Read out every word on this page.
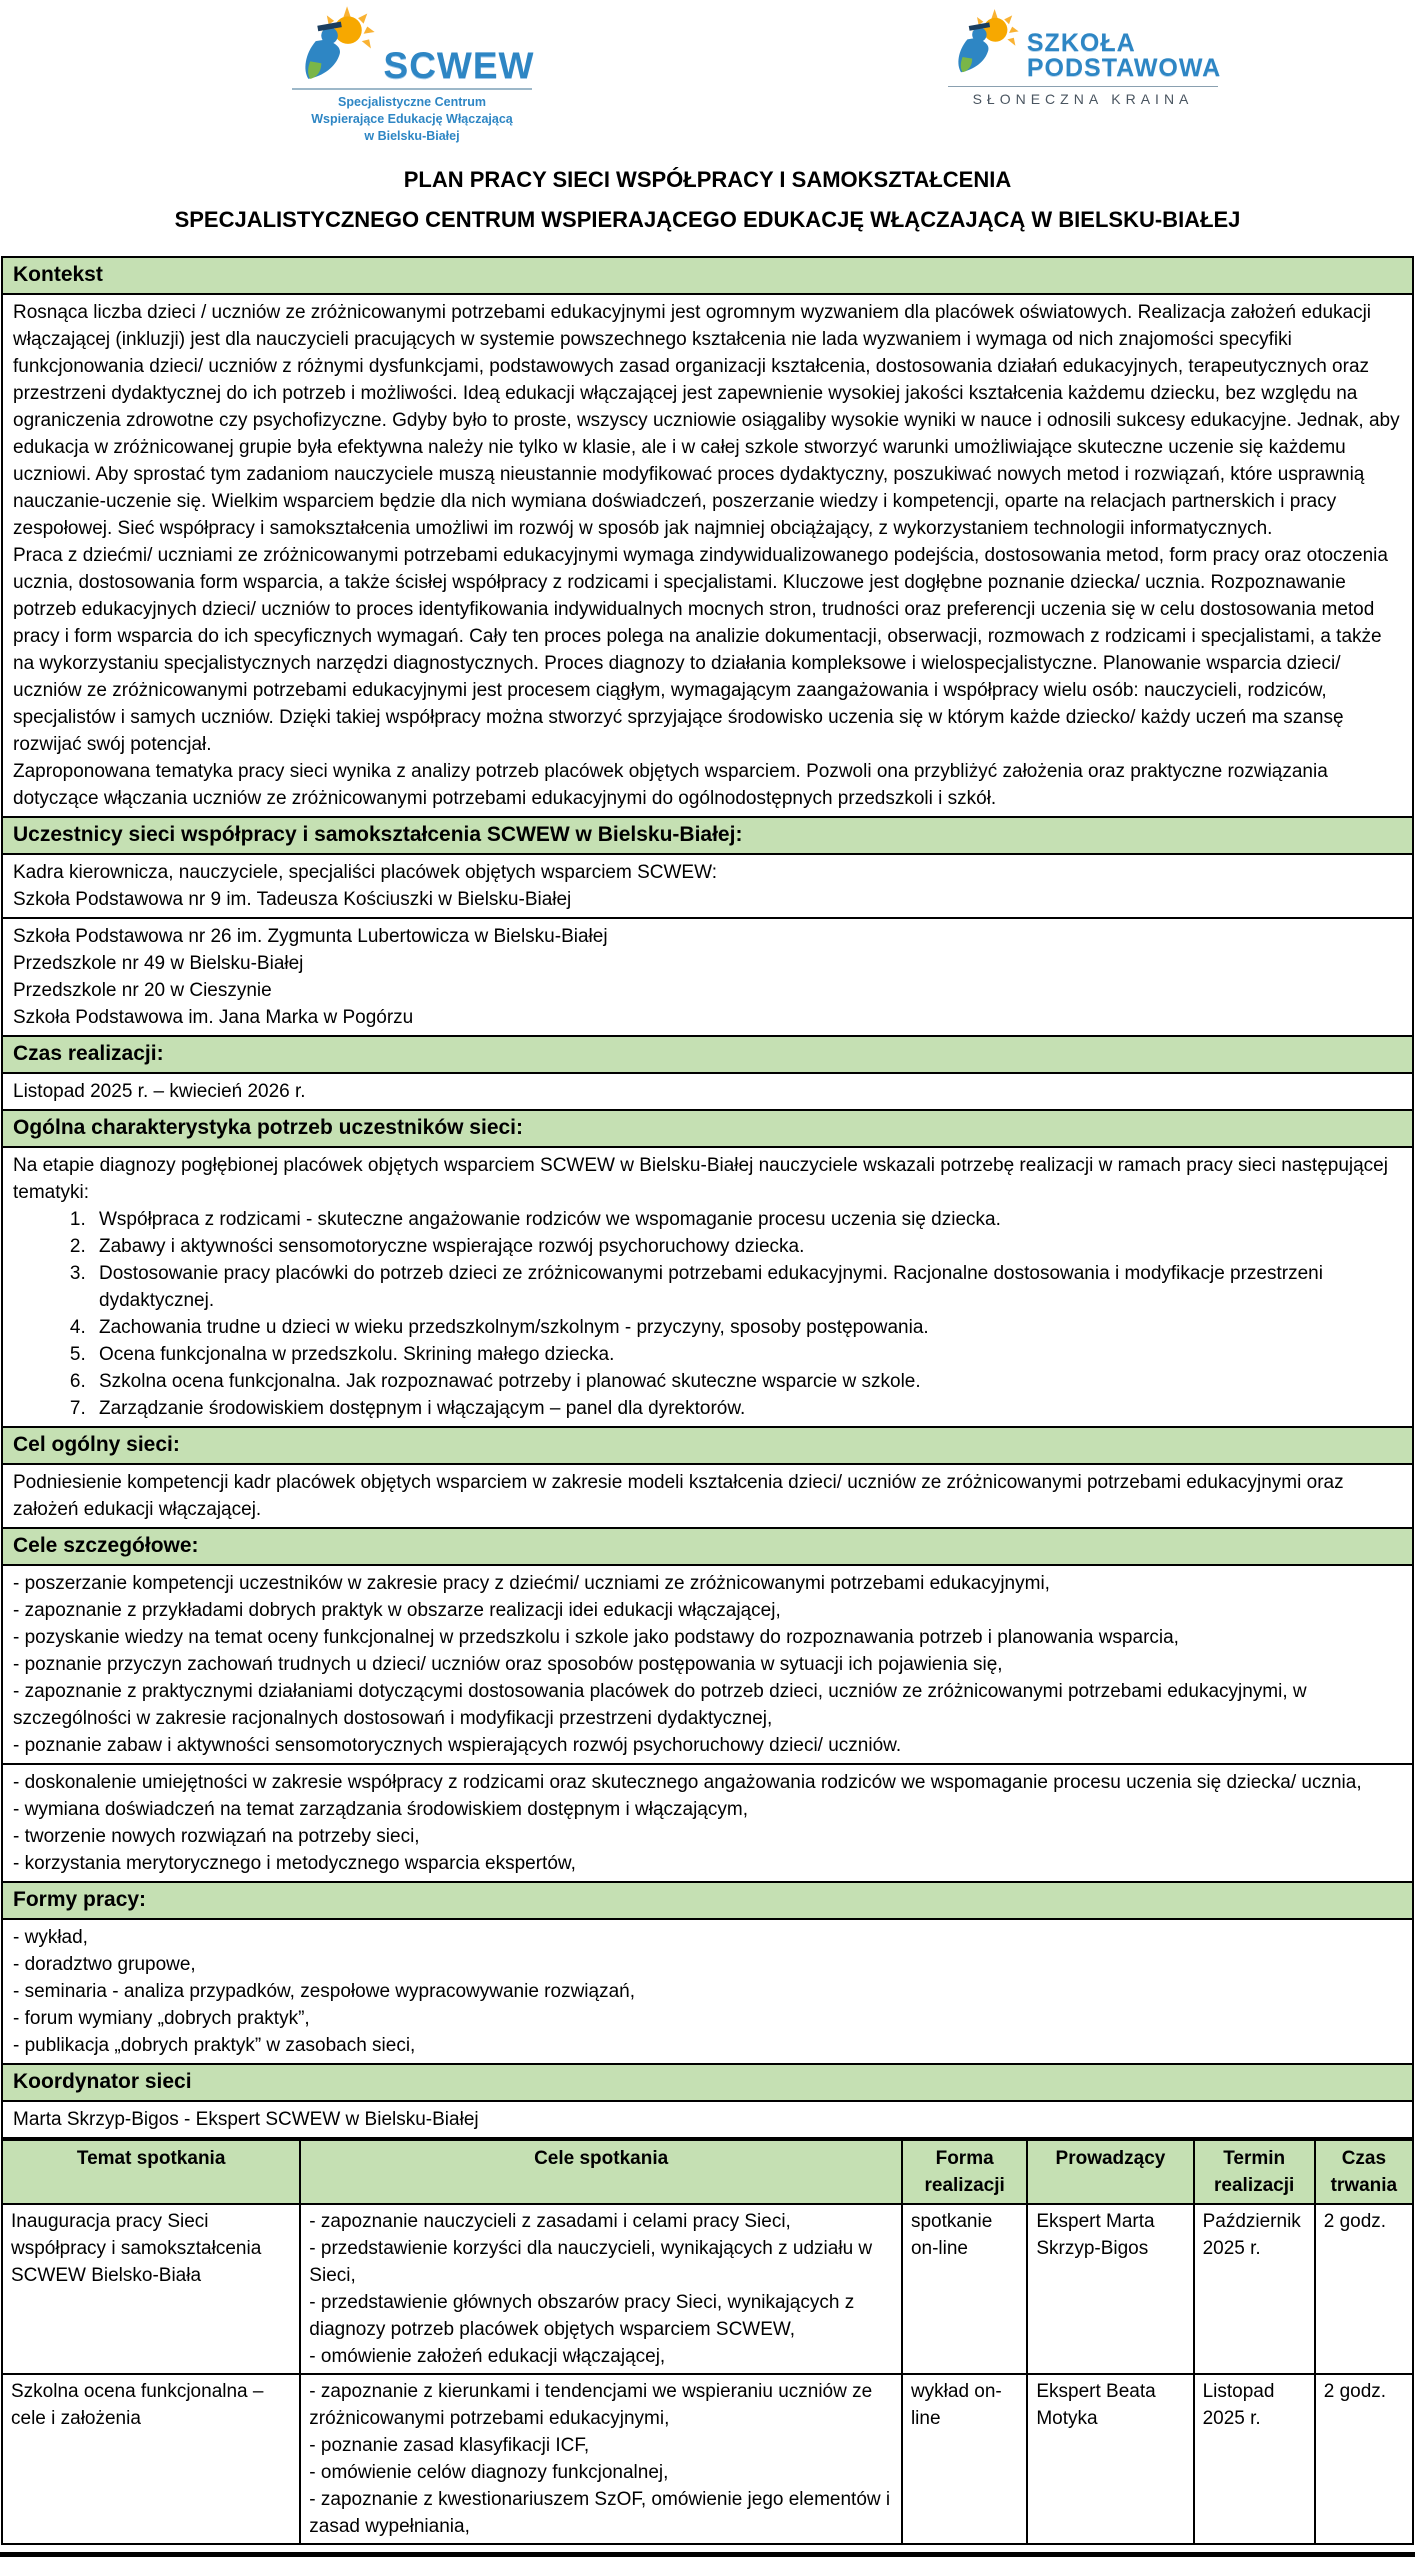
SCWEW
Specjalistyczne Centrum
Wspierające Edukację Włączającą
w Bielsku-Białej
SZKOŁA
PODSTAWOWA
SŁONECZNA KRAINA
PLAN PRACY SIECI WSPÓŁPRACY I SAMOKSZTAŁCENIA
SPECJALISTYCZNEGO CENTRUM WSPIERAJĄCEGO EDUKACJĘ WŁĄCZAJĄCĄ W BIELSKU-BIAŁEJ
Kontekst

Rosnąca liczba dzieci / uczniów ze zróżnicowanymi potrzebami edukacyjnymi jest ogromnym wyzwaniem dla placówek oświatowych. Realizacja założeń edukacji włączającej (inkluzji) jest dla nauczycieli pracujących w systemie powszechnego kształcenia nie lada wyzwaniem i wymaga od nich znajomości specyfiki funkcjonowania dzieci/ uczniów z różnymi dysfunkcjami, podstawowych zasad organizacji kształcenia, dostosowania działań edukacyjnych, terapeutycznych oraz przestrzeni dydaktycznej do ich potrzeb i możliwości. Ideą edukacji włączającej jest zapewnienie wysokiej jakości kształcenia każdemu dziecku, bez względu na ograniczenia zdrowotne czy psychofizyczne. Gdyby było to proste, wszyscy uczniowie osiągaliby wysokie wyniki w nauce i odnosili sukcesy edukacyjne. Jednak, aby edukacja w zróżnicowanej grupie była efektywna należy nie tylko w klasie, ale i w całej szkole stworzyć warunki umożliwiające skuteczne uczenie się każdemu uczniowi. Aby sprostać tym zadaniom nauczyciele muszą nieustannie modyfikować proces dydaktyczny, poszukiwać nowych metod i rozwiązań, które usprawnią nauczanie-uczenie się. Wielkim wsparciem będzie dla nich wymiana doświadczeń, poszerzanie wiedzy i kompetencji, oparte na relacjach partnerskich i pracy zespołowej. Sieć współpracy i samokształcenia umożliwi im rozwój w sposób jak najmniej obciążający, z wykorzystaniem technologii informatycznych.

Praca z dziećmi/ uczniami ze zróżnicowanymi potrzebami edukacyjnymi wymaga zindywidualizowanego podejścia, dostosowania metod, form pracy oraz otoczenia ucznia, dostosowania form wsparcia, a także ścisłej współpracy z rodzicami i specjalistami. Kluczowe jest dogłębne poznanie dziecka/ ucznia. Rozpoznawanie potrzeb edukacyjnych dzieci/ uczniów to proces identyfikowania indywidualnych mocnych stron, trudności oraz preferencji uczenia się w celu dostosowania metod pracy i form wsparcia do ich specyficznych wymagań. Cały ten proces polega na analizie dokumentacji, obserwacji, rozmowach z rodzicami i specjalistami, a także na wykorzystaniu specjalistycznych narzędzi diagnostycznych. Proces diagnozy to działania kompleksowe i wielospecjalistyczne. Planowanie wsparcia dzieci/ uczniów ze zróżnicowanymi potrzebami edukacyjnymi jest procesem ciągłym, wymagającym zaangażowania i współpracy wielu osób: nauczycieli, rodziców, specjalistów i samych uczniów. Dzięki takiej współpracy można stworzyć sprzyjające środowisko uczenia się w którym każde dziecko/ każdy uczeń ma szansę rozwijać swój potencjał.

Zaproponowana tematyka pracy sieci wynika z analizy potrzeb placówek objętych wsparciem. Pozwoli ona przybliżyć założenia oraz praktyczne rozwiązania dotyczące włączania uczniów ze zróżnicowanymi potrzebami edukacyjnymi do ogólnodostępnych przedszkoli i szkół.

Uczestnicy sieci współpracy i samokształcenia SCWEW w Bielsku-Białej:
Kadra kierownicza, nauczyciele, specjaliści placówek objętych wsparciem SCWEW:
Szkoła Podstawowa nr 9 im. Tadeusza Kościuszki w Bielsku-Białej
Szkoła Podstawowa nr 26 im. Zygmunta Lubertowicza w Bielsku-Białej
Przedszkole nr 49 w Bielsku-Białej
Przedszkole nr 20 w Cieszynie
Szkoła Podstawowa im. Jana Marka w Pogórzu
Czas realizacji:
Listopad 2025 r. – kwiecień 2026 r.
Ogólna charakterystyka potrzeb uczestników sieci:
Na etapie diagnozy pogłębionej placówek objętych wsparciem SCWEW w Bielsku-Białej nauczyciele wskazali potrzebę realizacji w ramach pracy sieci następującej tematyki:
1. Współpraca z rodzicami - skuteczne angażowanie rodziców we wspomaganie procesu uczenia się dziecka.
2. Zabawy i aktywności sensomotoryczne wspierające rozwój psychoruchowy dziecka.
3. Dostosowanie pracy placówki do potrzeb dzieci ze zróżnicowanymi potrzebami edukacyjnymi. Racjonalne dostosowania i modyfikacje przestrzeni dydaktycznej.
4. Zachowania trudne u dzieci w wieku przedszkolnym/szkolnym - przyczyny, sposoby postępowania.
5. Ocena funkcjonalna w przedszkolu. Skrining małego dziecka.
6. Szkolna ocena funkcjonalna. Jak rozpoznawać potrzeby i planować skuteczne wsparcie w szkole.
7. Zarządzanie środowiskiem dostępnym i włączającym – panel dla dyrektorów.
Cel ogólny sieci:
Podniesienie kompetencji kadr placówek objętych wsparciem w zakresie modeli kształcenia dzieci/ uczniów ze zróżnicowanymi potrzebami edukacyjnymi oraz założeń edukacji włączającej.
Cele szczegółowe:
- poszerzanie kompetencji uczestników w zakresie pracy z dziećmi/ uczniami ze zróżnicowanymi potrzebami edukacyjnymi,
- zapoznanie z przykładami dobrych praktyk w obszarze realizacji idei edukacji włączającej,
- pozyskanie wiedzy na temat oceny funkcjonalnej w przedszkolu i szkole jako podstawy do rozpoznawania potrzeb i planowania wsparcia,
- poznanie przyczyn zachowań trudnych u dzieci/ uczniów oraz sposobów postępowania w sytuacji ich pojawienia się,
- zapoznanie z praktycznymi działaniami dotyczącymi dostosowania placówek do potrzeb dzieci, uczniów ze zróżnicowanymi potrzebami edukacyjnymi, w szczególności w zakresie racjonalnych dostosowań i modyfikacji przestrzeni dydaktycznej,
- poznanie zabaw i aktywności sensomotorycznych wspierających rozwój psychoruchowy dzieci/ uczniów.
- doskonalenie umiejętności w zakresie współpracy z rodzicami oraz skutecznego angażowania rodziców we wspomaganie procesu uczenia się dziecka/ ucznia,
- wymiana doświadczeń na temat zarządzania środowiskiem dostępnym i włączającym,
- tworzenie nowych rozwiązań na potrzeby sieci,
- korzystania merytorycznego i metodycznego wsparcia ekspertów,
Formy pracy:
- wykład,
- doradztwo grupowe,
- seminaria - analiza przypadków, zespołowe wypracowywanie rozwiązań,
- forum wymiany „dobrych praktyk”,
- publikacja „dobrych praktyk” w zasobach sieci,
Koordynator sieci
Marta Skrzyp-Bigos - Ekspert SCWEW w Bielsku-Białej
Temat spotkania	Cele spotkania	Forma realizacji	Prowadzący	Termin realizacji	Czas trwania
Inauguracja pracy Sieci współpracy i samokształcenia SCWEW Bielsko-Biała	- zapoznanie nauczycieli z zasadami i celami pracy Sieci,
- przedstawienie korzyści dla nauczycieli, wynikających z udziału w Sieci,
- przedstawienie głównych obszarów pracy Sieci, wynikających z diagnozy potrzeb placówek objętych wsparciem SCWEW,
- omówienie założeń edukacji włączającej,	spotkanie on-line	Ekspert Marta Skrzyp-Bigos	Październik 2025 r.	2 godz.
Szkolna ocena funkcjonalna – cele i założenia	- zapoznanie z kierunkami i tendencjami we wspieraniu uczniów ze zróżnicowanymi potrzebami edukacyjnymi,
- poznanie zasad klasyfikacji ICF,
- omówienie celów diagnozy funkcjonalnej,
- zapoznanie z kwestionariuszem SzOF, omówienie jego elementów i zasad wypełniania,	wykład on-line	Ekspert Beata Motyka	Listopad 2025 r.	2 godz.
